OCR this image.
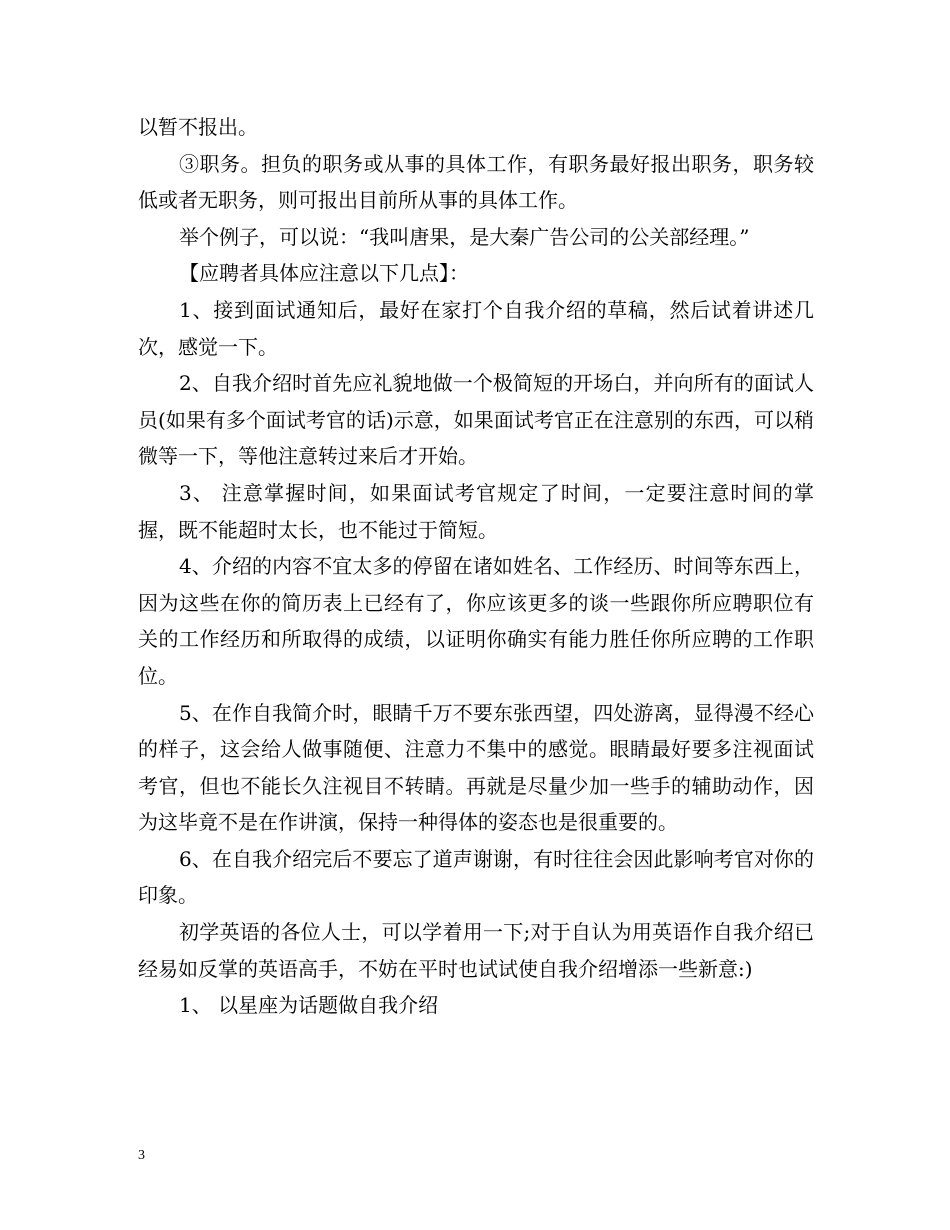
以暂不报出。

③职务。担负的职务或从事的具体工作，有职务最好报出职务，职务较低或者无职务，则可报出目前所从事的具体工作。

举个例子，可以说：“我叫唐果，是大秦广告公司的公关部经理。”

【应聘者具体应注意以下几点】：

1、接到面试通知后，最好在家打个自我介绍的草稿，然后试着讲述几次，感觉一下。

2、自我介绍时首先应礼貌地做一个极简短的开场白，并向所有的面试人员(如果有多个面试考官的话)示意，如果面试考官正在注意别的东西，可以稍微等一下，等他注意转过来后才开始。

3、 注意掌握时间，如果面试考官规定了时间，一定要注意时间的掌握，既不能超时太长，也不能过于简短。

4、介绍的内容不宜太多的停留在诸如姓名、工作经历、时间等东西上，因为这些在你的简历表上已经有了，你应该更多的谈一些跟你所应聘职位有关的工作经历和所取得的成绩，以证明你确实有能力胜任你所应聘的工作职位。

5、在作自我简介时，眼睛千万不要东张西望，四处游离，显得漫不经心的样子，这会给人做事随便、注意力不集中的感觉。眼睛最好要多注视面试考官，但也不能长久注视目不转睛。再就是尽量少加一些手的辅助动作，因为这毕竟不是在作讲演，保持一种得体的姿态也是很重要的。

6、在自我介绍完后不要忘了道声谢谢，有时往往会因此影响考官对你的印象。

初学英语的各位人士，可以学着用一下;对于自认为用英语作自我介绍已经易如反掌的英语高手，不妨在平时也试试使自我介绍增添一些新意:)

1、 以星座为话题做自我介绍

3
